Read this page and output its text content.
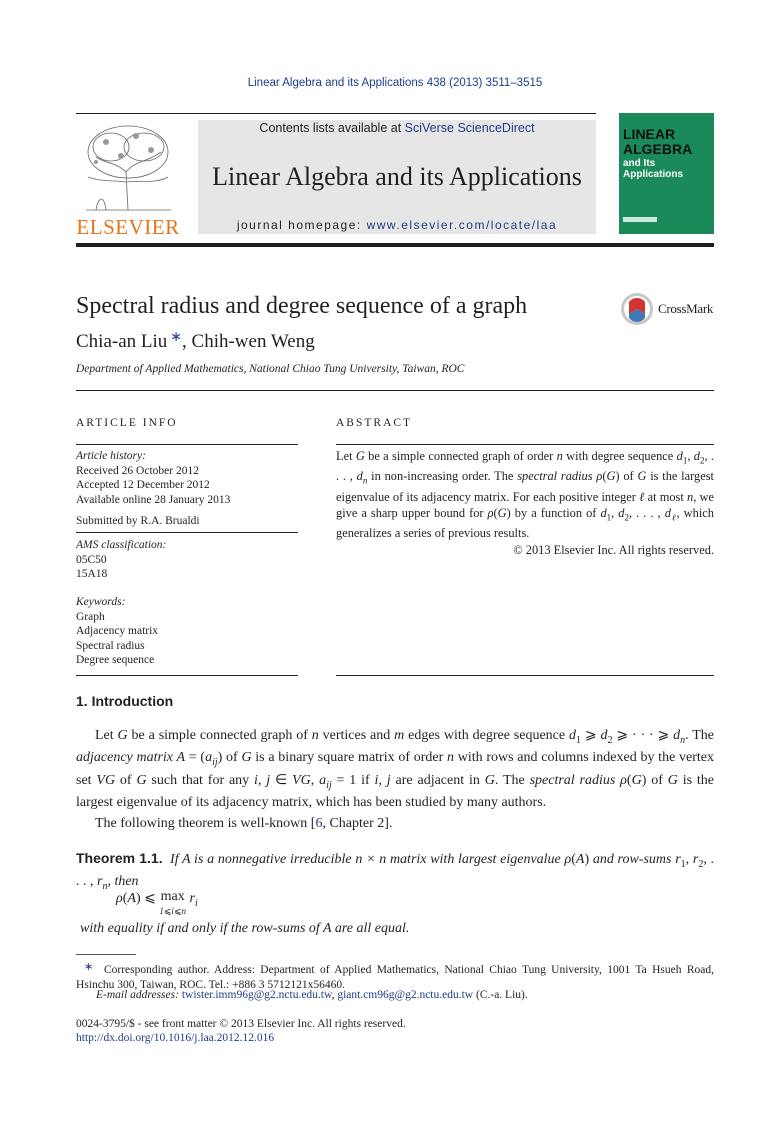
Linear Algebra and its Applications 438 (2013) 3511–3515
ELSEVIER
Contents lists available at SciVerse ScienceDirect
Linear Algebra and its Applications
journal homepage: www.elsevier.com/locate/laa
LINEAR
ALGEBRA
and Its
Applications
Spectral radius and degree sequence of a graph	CrossMark
Chia-an Liu ∗, Chih-wen Weng
Department of Applied Mathematics, National Chiao Tung University, Taiwan, ROC
ARTICLE INFO
Article history:
Received 26 October 2012
Accepted 12 December 2012
Available online 28 January 2013
Submitted by R.A. Brualdi
AMS classification:
05C50
15A18
Keywords:
Graph
Adjacency matrix
Spectral radius
Degree sequence
ABSTRACT
Let G be a simple connected graph of order n with degree sequence $d_1$, $d_2$, . . . , $d_n$ in non-increasing order. The spectral radius ρ(G) of G is the largest eigenvalue of its adjacency matrix. For each positive integer ℓ at most n, we give a sharp upper bound for ρ(G) by a function of $d_1$, $d_2$, . . . , $d_\ell$, which generalizes a series of previous results.
© 2013 Elsevier Inc. All rights reserved.
1. Introduction
Let G be a simple connected graph of n vertices and m edges with degree sequence $d_1$ ⩾ $d_2$ ⩾ · · · ⩾ $d_n$. The adjacency matrix $A = (a_{ij})$ of G is a binary square matrix of order n with rows and columns indexed by the vertex set VG of G such that for any i, j ∈ VG, $a_{ij} = 1$ if i, j are adjacent in G. The spectral radius ρ(G) of G is the largest eigenvalue of its adjacency matrix, which has been studied by many authors.
The following theorem is well-known [6, Chapter 2].
Theorem 1.1. If A is a nonnegative irreducible n × n matrix with largest eigenvalue ρ(A) and row-sums $r_1$, $r_2$, . . . , $r_n$, then
ρ(A) ⩽ max
1⩽i⩽n $r_i$
with equality if and only if the row-sums of A are all equal.
∗ Corresponding author. Address: Department of Applied Mathematics, National Chiao Tung University, 1001 Ta Hsueh Road, Hsinchu 300, Taiwan, ROC. Tel.: +886 3 5712121x56460.
E-mail addresses: twister.imm96g@g2.nctu.edu.tw, giant.cm96g@g2.nctu.edu.tw (C.-a. Liu).
0024-3795/$ - see front matter © 2013 Elsevier Inc. All rights reserved.
http://dx.doi.org/10.1016/j.laa.2012.12.016
